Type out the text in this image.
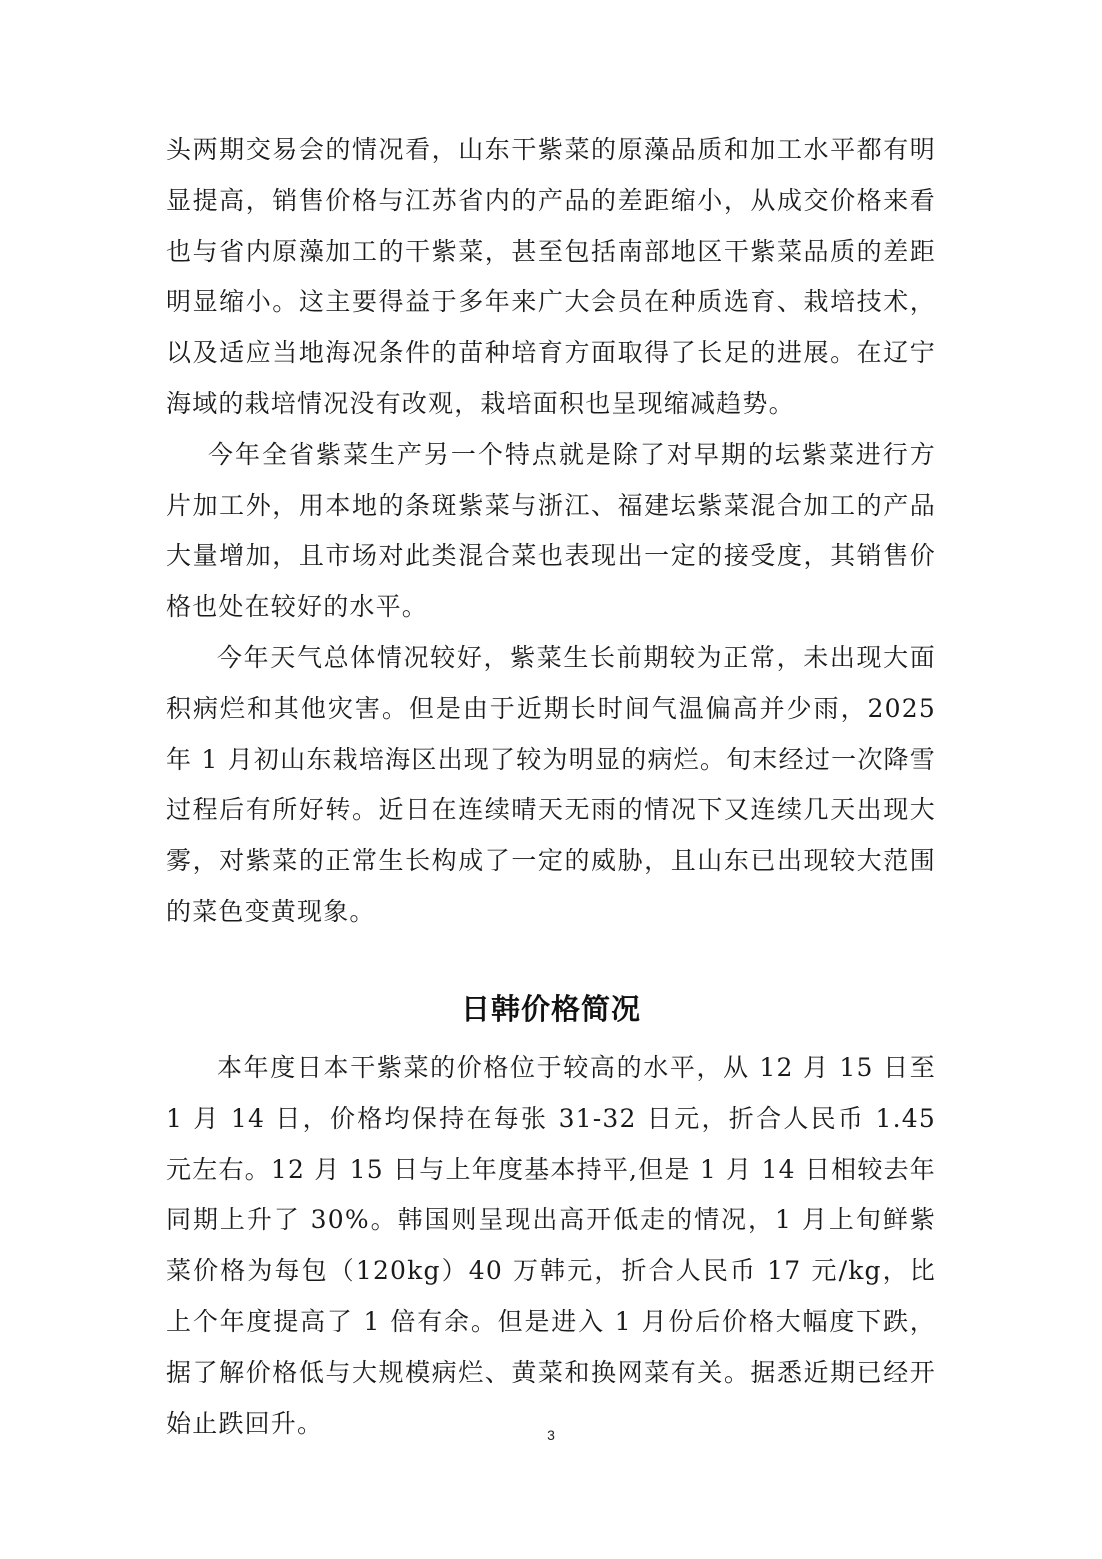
头两期交易会的情况看，山东干紫菜的原藻品质和加工水平都有明显提高，销售价格与江苏省内的产品的差距缩小，从成交价格来看也与省内原藻加工的干紫菜，甚至包括南部地区干紫菜品质的差距明显缩小。这主要得益于多年来广大会员在种质选育、栽培技术，以及适应当地海况条件的苗种培育方面取得了长足的进展。在辽宁海域的栽培情况没有改观，栽培面积也呈现缩减趋势。

今年全省紫菜生产另一个特点就是除了对早期的坛紫菜进行方片加工外，用本地的条斑紫菜与浙江、福建坛紫菜混合加工的产品大量增加，且市场对此类混合菜也表现出一定的接受度，其销售价格也处在较好的水平。

今年天气总体情况较好，紫菜生长前期较为正常，未出现大面积病烂和其他灾害。但是由于近期长时间气温偏高并少雨，2025 年 1 月初山东栽培海区出现了较为明显的病烂。旬末经过一次降雪过程后有所好转。近日在连续晴天无雨的情况下又连续几天出现大雾，对紫菜的正常生长构成了一定的威胁，且山东已出现较大范围的菜色变黄现象。

日韩价格简况

本年度日本干紫菜的价格位于较高的水平，从 12 月 15 日至 1 月 14 日，价格均保持在每张 31-32 日元，折合人民币 1.45 元左右。12 月 15 日与上年度基本持平,但是 1 月 14 日相较去年同期上升了 30%。韩国则呈现出高开低走的情况，1 月上旬鲜紫菜价格为每包（120kg）40 万韩元，折合人民币 17 元/kg，比上个年度提高了 1 倍有余。但是进入 1 月份后价格大幅度下跌，据了解价格低与大规模病烂、黄菜和换网菜有关。据悉近期已经开始止跌回升。	3
